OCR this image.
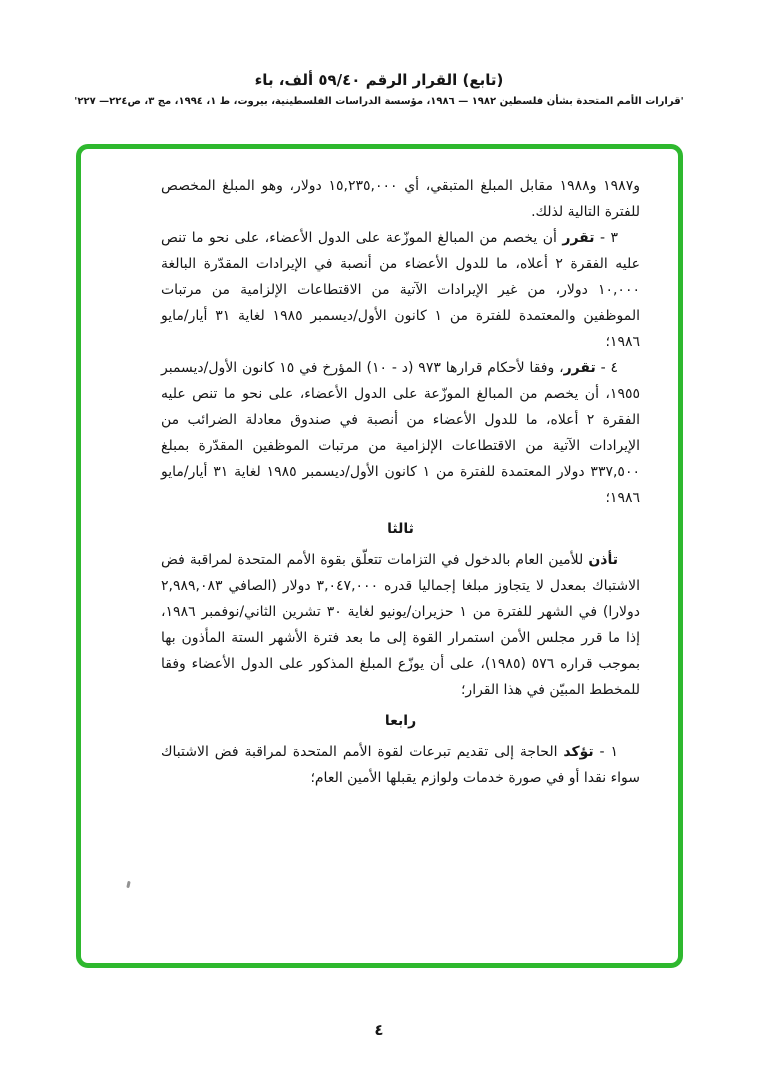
(تابع) القرار الرقم ٥٩/٤٠ ألف، باء
'قرارات الأمم المتحدة بشأن فلسطين ١٩٨٢ — ١٩٨٦، مؤسسة الدراسات الفلسطينية، بيروت، ط ١، ١٩٩٤، مج ٣، ص٢٢٤— ٢٢٧'

و١٩٨٧ و١٩٨٨ مقابل المبلغ المتبقي، أي ١٥,٢٣٥,٠٠٠ دولار، وهو المبلغ المخصص للفترة التالية لذلك.

٣ - تقرر أن يخصم من المبالغ الموزّعة على الدول الأعضاء، على نحو ما تنص عليه الفقرة ٢ أعلاه، ما للدول الأعضاء من أنصبة في الإيرادات المقدّرة البالغة ١٠,٠٠٠ دولار، من غير الإيرادات الآتية من الاقتطاعات الإلزامية من مرتبات الموظفين والمعتمدة للفترة من ١ كانون الأول/ديسمبر ١٩٨٥ لغاية ٣١ أيار/مايو ١٩٨٦؛

٤ - تقرر، وفقا لأحكام قرارها ٩٧٣ (د - ١٠) المؤرخ في ١٥ كانون الأول/ديسمبر ١٩٥٥، أن يخصم من المبالغ الموزّعة على الدول الأعضاء، على نحو ما تنص عليه الفقرة ٢ أعلاه، ما للدول الأعضاء من أنصبة في صندوق معادلة الضرائب من الإيرادات الآتية من الاقتطاعات الإلزامية من مرتبات الموظفين المقدّرة بمبلغ ٣٣٧,٥٠٠ دولار المعتمدة للفترة من ١ كانون الأول/ديسمبر ١٩٨٥ لغاية ٣١ أيار/مايو ١٩٨٦؛

ثالثا

تأذن للأمين العام بالدخول في التزامات تتعلّق بقوة الأمم المتحدة لمراقبة فض الاشتباك بمعدل لا يتجاوز مبلغا إجماليا قدره ٣,٠٤٧,٠٠٠ دولار (الصافي ٢,٩٨٩,٠٨٣ دولارا) في الشهر للفترة من ١ حزيران/يونيو لغاية ٣٠ تشرين الثاني/نوفمبر ١٩٨٦، إذا ما قرر مجلس الأمن استمرار القوة إلى ما بعد فترة الأشهر الستة المأذون بها بموجب قراره ٥٧٦ (١٩٨٥)، على أن يوزّع المبلغ المذكور على الدول الأعضاء وفقا للمخطط المبيّن في هذا القرار؛

رابعا

١ - تؤكد الحاجة إلى تقديم تبرعات لقوة الأمم المتحدة لمراقبة فض الاشتباك سواء نقدا أو في صورة خدمات ولوازم يقبلها الأمين العام؛

٤
